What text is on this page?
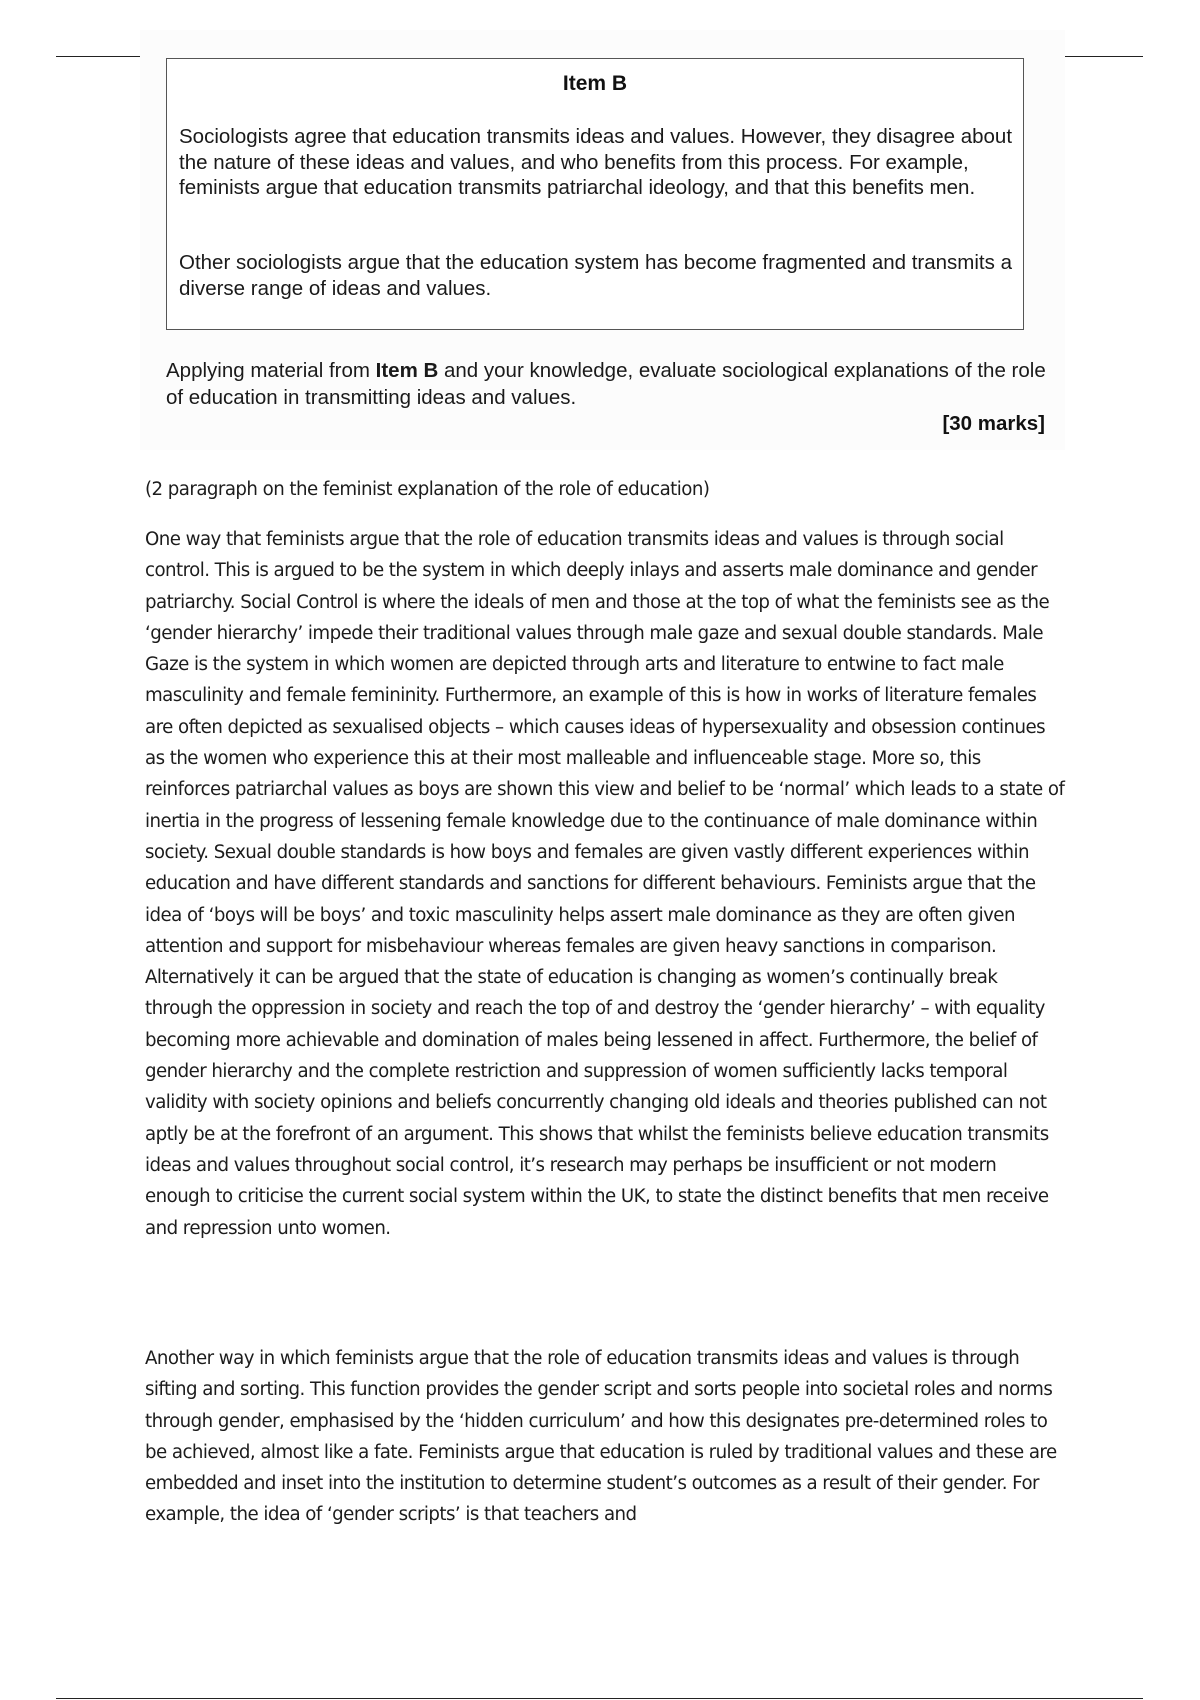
Item B

Sociologists agree that education transmits ideas and values. However, they disagree about the nature of these ideas and values, and who benefits from this process. For example, feminists argue that education transmits patriarchal ideology, and that this benefits men.

Other sociologists argue that the education system has become fragmented and transmits a diverse range of ideas and values.

Applying material from Item B and your knowledge, evaluate sociological explanations of the role of education in transmitting ideas and values.

[30 marks]

(2 paragraph on the feminist explanation of the role of education)

One way that feminists argue that the role of education transmits ideas and values is through social control. This is argued to be the system in which deeply inlays and asserts male dominance and gender patriarchy. Social Control is where the ideals of men and those at the top of what the feminists see as the ‘gender hierarchy’ impede their traditional values through male gaze and sexual double standards. Male Gaze is the system in which women are depicted through arts and literature to entwine to fact male masculinity and female femininity. Furthermore, an example of this is how in works of literature females are often depicted as sexualised objects – which causes ideas of hypersexuality and obsession continues as the women who experience this at their most malleable and influenceable stage. More so, this reinforces patriarchal values as boys are shown this view and belief to be ‘normal’ which leads to a state of inertia in the progress of lessening female knowledge due to the continuance of male dominance within society. Sexual double standards is how boys and females are given vastly different experiences within education and have different standards and sanctions for different behaviours. Feminists argue that the idea of ‘boys will be boys’ and toxic masculinity helps assert male dominance as they are often given attention and support for misbehaviour whereas females are given heavy sanctions in comparison. Alternatively it can be argued that the state of education is changing as women’s continually break through the oppression in society and reach the top of and destroy the ‘gender hierarchy’ – with equality becoming more achievable and domination of males being lessened in affect. Furthermore, the belief of gender hierarchy and the complete restriction and suppression of women sufficiently lacks temporal validity with society opinions and beliefs concurrently changing old ideals and theories published can not aptly be at the forefront of an argument. This shows that whilst the feminists believe education transmits ideas and values throughout social control, it’s research may perhaps be insufficient or not modern enough to criticise the current social system within the UK, to state the distinct benefits that men receive and repression unto women.

Another way in which feminists argue that the role of education transmits ideas and values is through sifting and sorting. This function provides the gender script and sorts people into societal roles and norms through gender, emphasised by the ‘hidden curriculum’ and how this designates pre-determined roles to be achieved, almost like a fate. Feminists argue that education is ruled by traditional values and these are embedded and inset into the institution to determine student’s outcomes as a result of their gender. For example, the idea of ‘gender scripts’ is that teachers and
